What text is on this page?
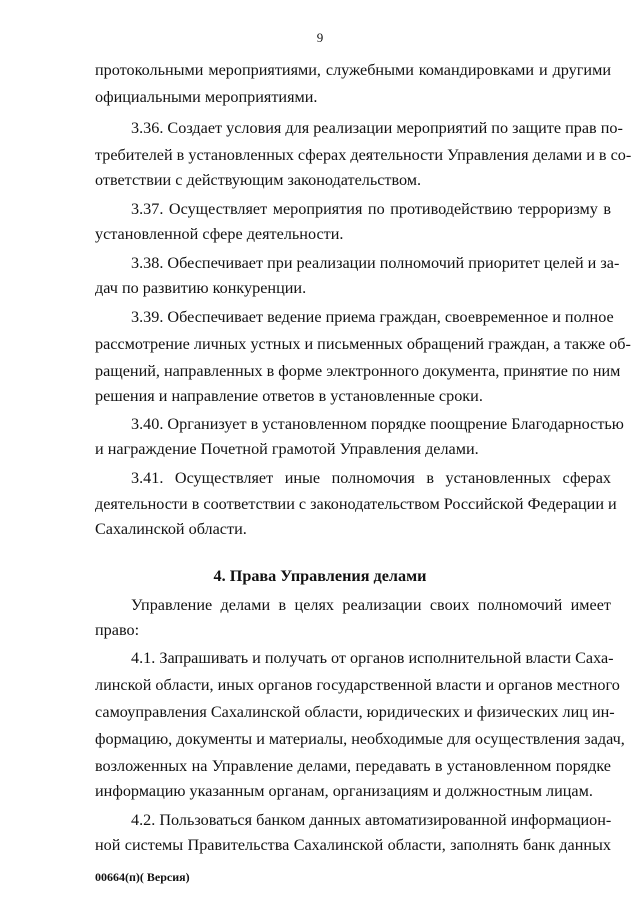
9
протокольными мероприятиями, служебными командировками и другими
официальными мероприятиями.
3.36. Создает условия для реализации мероприятий по защите прав по-
требителей в установленных сферах деятельности Управления делами и в со-
ответствии с действующим законодательством.
3.37. Осуществляет мероприятия по противодействию терроризму в
установленной сфере деятельности.
3.38. Обеспечивает при реализации полномочий приоритет целей и за-
дач по развитию конкуренции.
3.39. Обеспечивает ведение приема граждан, своевременное и полное
рассмотрение личных устных и письменных обращений граждан, а также об-
ращений, направленных в форме электронного документа, принятие по ним
решения и направление ответов в установленные сроки.
3.40. Организует в установленном порядке поощрение Благодарностью
и награждение Почетной грамотой Управления делами.
3.41. Осуществляет иные полномочия в установленных сферах
деятельности в соответствии с законодательством Российской Федерации и
Сахалинской области.
4. Права Управления делами
Управление делами в целях реализации своих полномочий имеет
право:
4.1. Запрашивать и получать от органов исполнительной власти Саха-
линской области, иных органов государственной власти и органов местного
самоуправления Сахалинской области, юридических и физических лиц ин-
формацию, документы и материалы, необходимые для осуществления задач,
возложенных на Управление делами, передавать в установленном порядке
информацию указанным органам, организациям и должностным лицам.
4.2. Пользоваться банком данных автоматизированной информацион-
ной системы Правительства Сахалинской области, заполнять банк данных
00664(п)( Версия)
